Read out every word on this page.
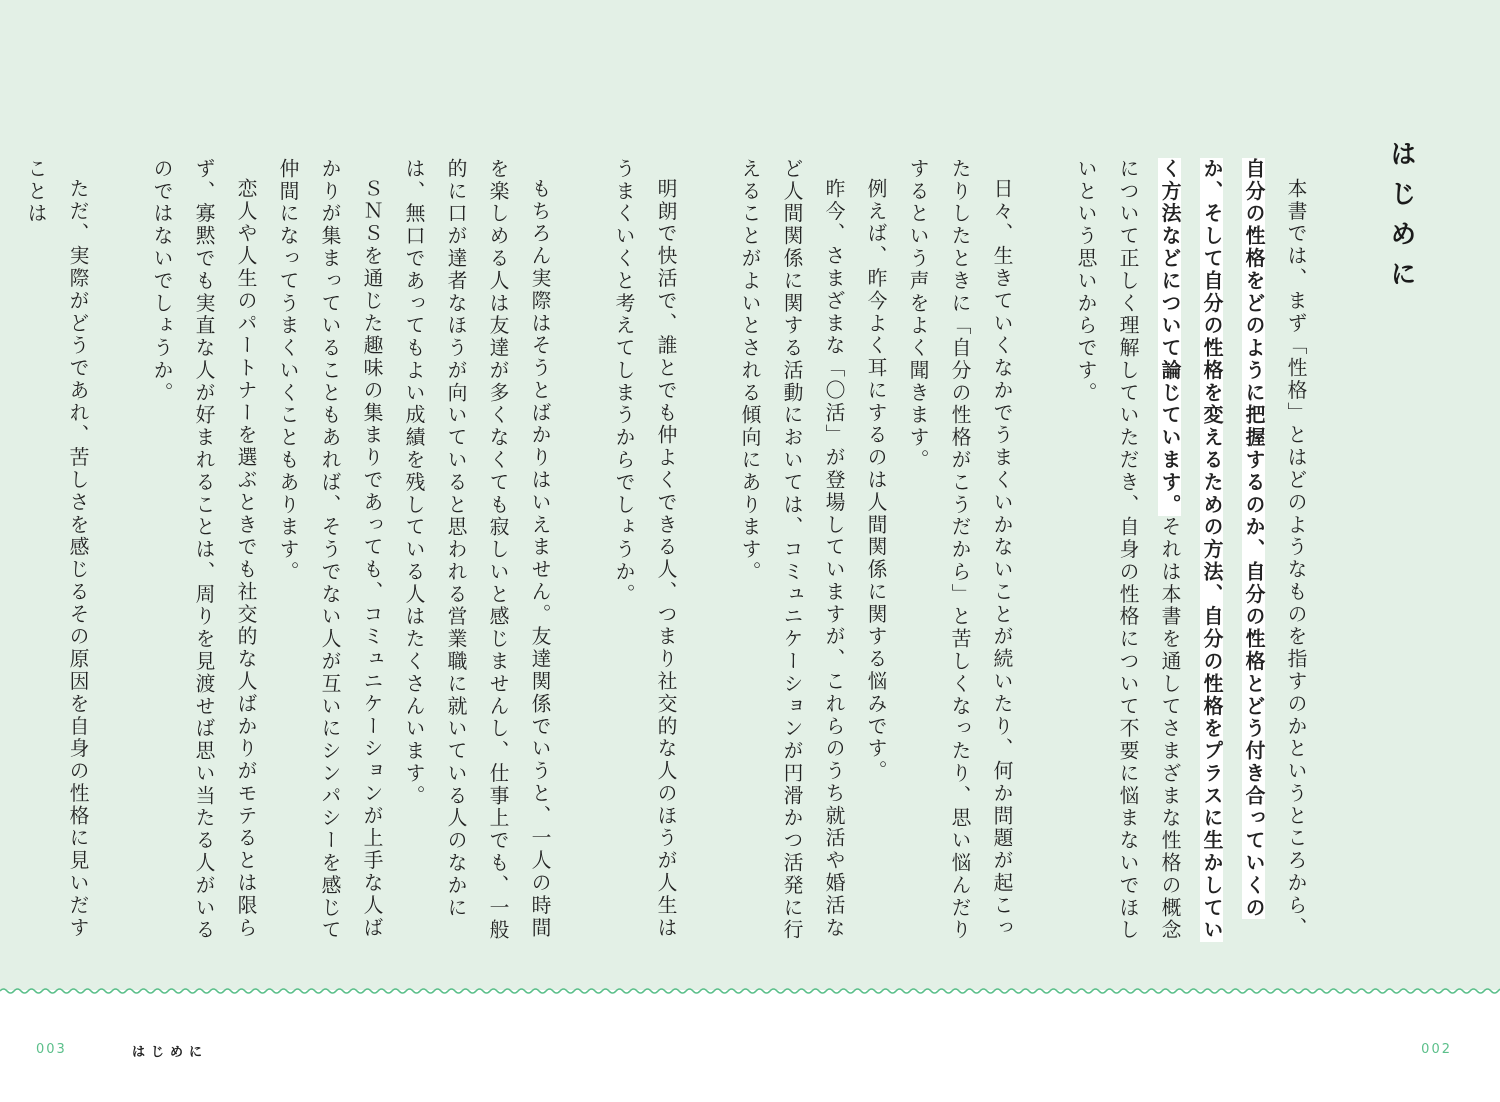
はじめに

本書では、まず「性格」とはどのようなものを指すのかというところから、自分の性格をどのように把握するのか、自分の性格とどう付き合っていくのか、そして自分の性格を変えるための方法、自分の性格をプラスに生かしていく方法などについて論じています。それは本書を通してさまざまな性格の概念について正しく理解していただき、自身の性格について不要に悩まないでほしいという思いからです。

日々、生きていくなかでうまくいかないことが続いたり、何か問題が起こったりしたときに「自分の性格がこうだから」と苦しくなったり、思い悩んだりするという声をよく聞きます。

例えば、昨今よく耳にするのは人間関係に関する悩みです。

昨今、さまざまな「〇活」が登場していますが、これらのうち就活や婚活など人間関係に関する活動においては、コミュニケーションが円滑かつ活発に行えることがよいとされる傾向にあります。

明朗で快活で、誰とでも仲よくできる人、つまり社交的な人のほうが人生はうまくいくと考えてしまうからでしょうか。

もちろん実際はそうとばかりはいえません。友達関係でいうと、一人の時間を楽しめる人は友達が多くなくても寂しいと感じませんし、仕事上でも、一般的に口が達者なほうが向いていると思われる営業職に就いている人のなかには、無口であってもよい成績を残している人はたくさんいます。

ＳＮＳを通じた趣味の集まりであっても、コミュニケーションが上手な人ばかりが集まっていることもあれば、そうでない人が互いにシンパシーを感じて仲間になってうまくいくこともあります。

恋人や人生のパートナーを選ぶときでも社交的な人ばかりがモテるとは限らず、寡黙でも実直な人が好まれることは、周りを見渡せば思い当たる人がいるのではないでしょうか。

ただ、実際がどうであれ、苦しさを感じるその原因を自身の性格に見いだすことは

003	はじめに	002
